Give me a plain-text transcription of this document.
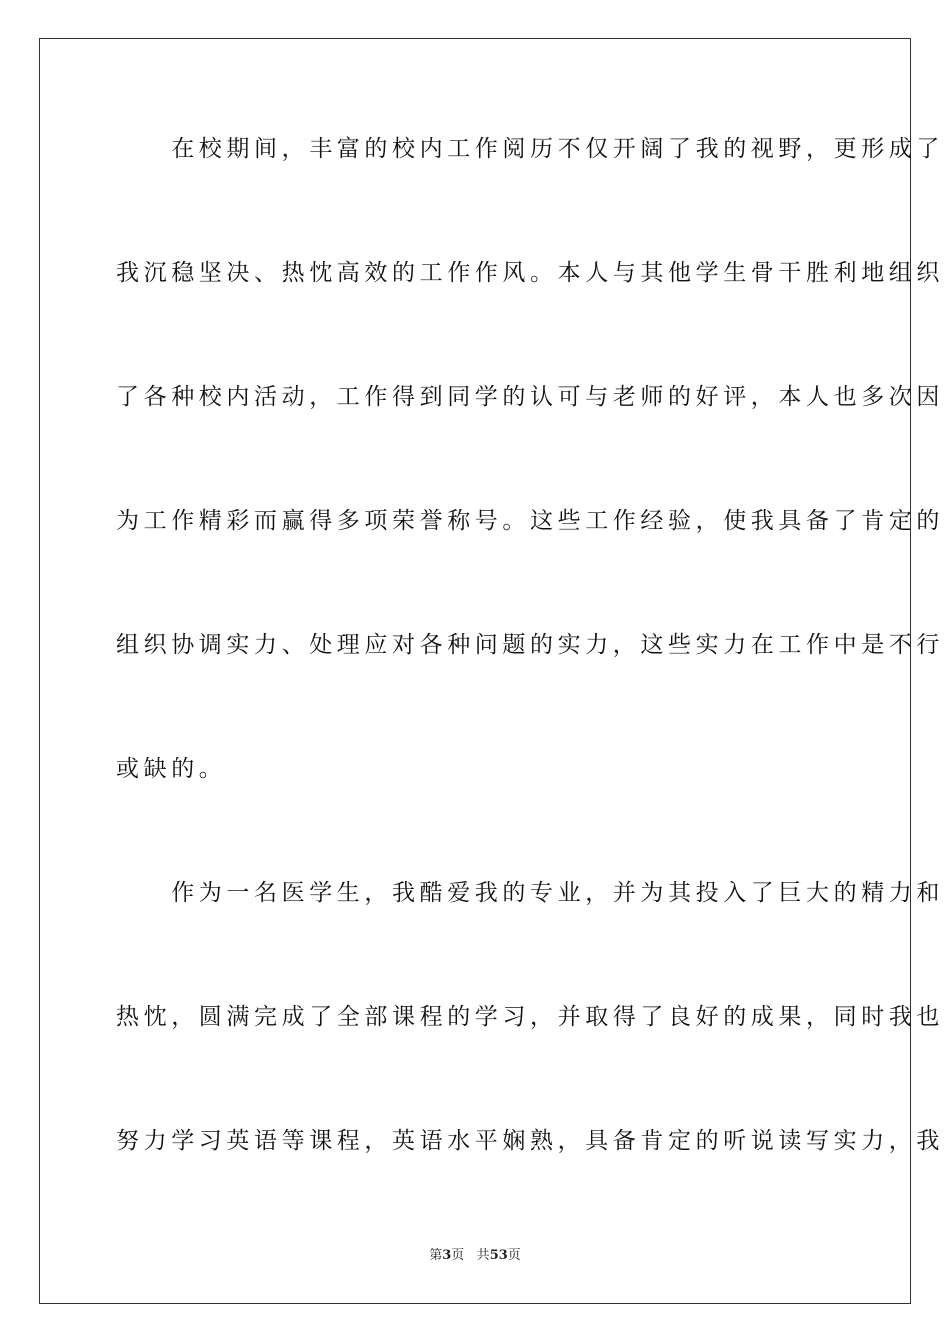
　　在校期间，丰富的校内工作阅历不仅开阔了我的视野，更形成了
我沉稳坚决、热忱高效的工作作风。本人与其他学生骨干胜利地组织
了各种校内活动，工作得到同学的认可与老师的好评，本人也多次因
为工作精彩而赢得多项荣誉称号。这些工作经验，使我具备了肯定的
组织协调实力、处理应对各种问题的实力，这些实力在工作中是不行
或缺的。
　　作为一名医学生，我酷爱我的专业，并为其投入了巨大的精力和
热忱，圆满完成了全部课程的学习，并取得了良好的成果，同时我也
努力学习英语等课程，英语水平娴熟，具备肯定的听说读写实力，我
第3页 共53页
